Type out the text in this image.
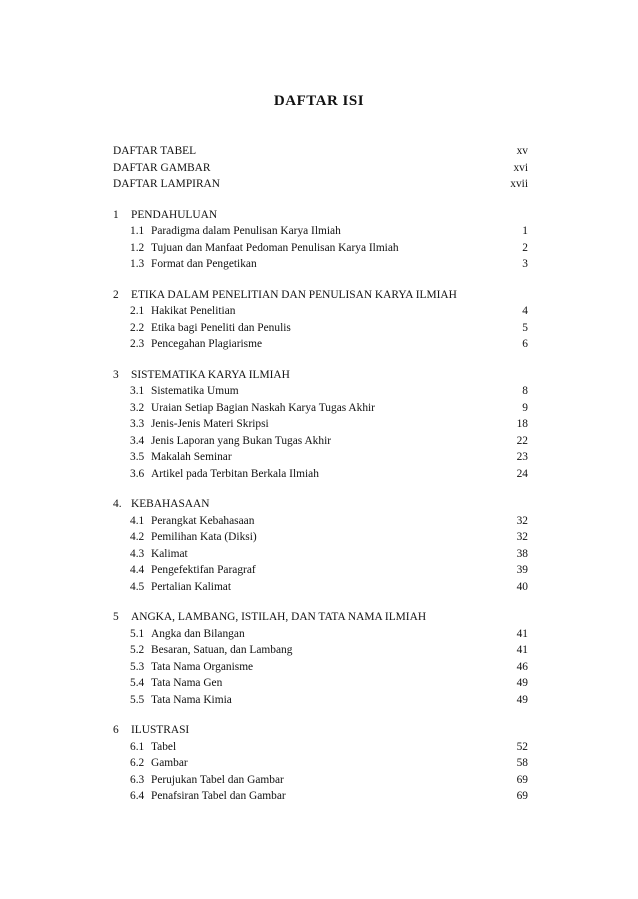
DAFTAR ISI
DAFTAR TABEL	xv
DAFTAR GAMBAR	xvi
DAFTAR LAMPIRAN	xvii
1	PENDAHULUAN
1.1 Paradigma dalam Penulisan Karya Ilmiah	1
1.2 Tujuan dan Manfaat Pedoman Penulisan Karya Ilmiah	2
1.3 Format dan Pengetikan	3
2	ETIKA DALAM PENELITIAN DAN PENULISAN KARYA ILMIAH
2.1 Hakikat Penelitian	4
2.2 Etika bagi Peneliti dan Penulis	5
2.3 Pencegahan Plagiarisme	6
3	SISTEMATIKA KARYA ILMIAH
3.1 Sistematika Umum	8
3.2 Uraian Setiap Bagian Naskah Karya Tugas Akhir	9
3.3 Jenis-Jenis Materi Skripsi	18
3.4 Jenis Laporan yang Bukan Tugas Akhir	22
3.5 Makalah Seminar	23
3.6 Artikel pada Terbitan Berkala Ilmiah	24
4. KEBAHASAAN
4.1 Perangkat Kebahasaan	32
4.2 Pemilihan Kata (Diksi)	32
4.3 Kalimat	38
4.4 Pengefektifan Paragraf	39
4.5 Pertalian Kalimat	40
5	ANGKA, LAMBANG, ISTILAH, DAN TATA NAMA ILMIAH
5.1 Angka dan Bilangan	41
5.2 Besaran, Satuan, dan Lambang	41
5.3 Tata Nama Organisme	46
5.4 Tata Nama Gen	49
5.5 Tata Nama Kimia	49
6	ILUSTRASI
6.1 Tabel	52
6.2 Gambar	58
6.3 Perujukan Tabel dan Gambar	69
6.4 Penafsiran Tabel dan Gambar	69
